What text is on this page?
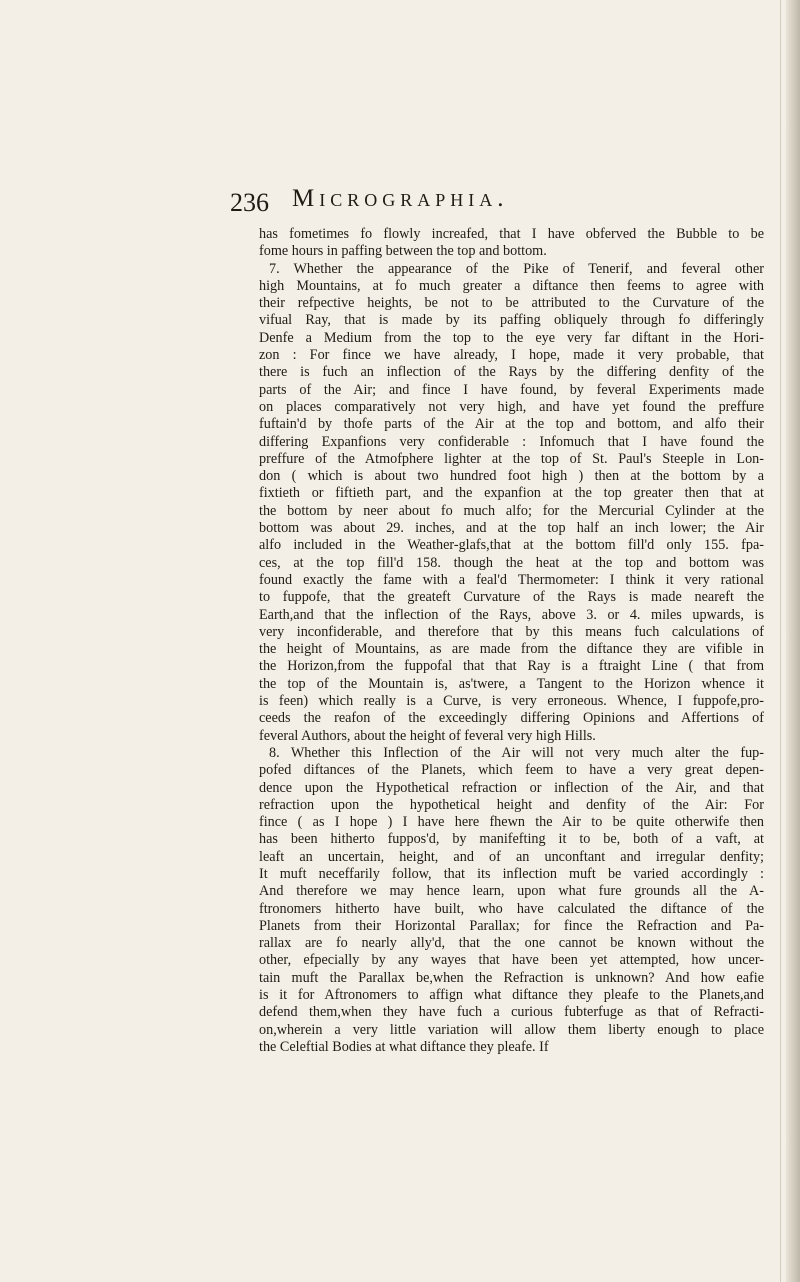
236 Micrographia.
has fometimes fo flowly increafed, that I have obferved the Bubble to be
fome hours in paffing between the top and bottom.
7. Whether the appearance of the Pike of Tenerif, and feveral other
high Mountains, at fo much greater a diftance then feems to agree with
their refpective heights, be not to be attributed to the Curvature of the
vifual Ray, that is made by its paffing obliquely through fo differingly
Denfe a Medium from the top to the eye very far diftant in the Hori-
zon : For fince we have already, I hope, made it very probable, that
there is fuch an inflection of the Rays by the differing denfity of the
parts of the Air; and fince I have found, by feveral Experiments made
on places comparatively not very high, and have yet found the preffure
fuftain'd by thofe parts of the Air at the top and bottom, and alfo their
differing Expanfions very confiderable : Infomuch that I have found the
preffure of the Atmofphere lighter at the top of St. Paul's Steeple in Lon-
don ( which is about two hundred foot high ) then at the bottom by a
fixtieth or fiftieth part, and the expanfion at the top greater then that at
the bottom by neer about fo much alfo; for the Mercurial Cylinder at the
bottom was about 29. inches, and at the top half an inch lower; the Air
alfo included in the Weather-glafs,that at the bottom fill'd only 155. fpa-
ces, at the top fill'd 158. though the heat at the top and bottom was
found exactly the fame with a feal'd Thermometer: I think it very rational
to fuppofe, that the greateft Curvature of the Rays is made neareft the
Earth,and that the inflection of the Rays, above 3. or 4. miles upwards, is
very inconfiderable, and therefore that by this means fuch calculations of
the height of Mountains, as are made from the diftance they are vifible in
the Horizon,from the fuppofal that that Ray is a ftraight Line ( that from
the top of the Mountain is, as'twere, a Tangent to the Horizon whence it
is feen) which really is a Curve, is very erroneous. Whence, I fuppofe,pro-
ceeds the reafon of the exceedingly differing Opinions and Affertions of
feveral Authors, about the height of feveral very high Hills.
8. Whether this Inflection of the Air will not very much alter the fup-
pofed diftances of the Planets, which feem to have a very great depen-
dence upon the Hypothetical refraction or inflection of the Air, and that
refraction upon the hypothetical height and denfity of the Air: For
fince ( as I hope ) I have here fhewn the Air to be quite otherwife then
has been hitherto fuppos'd, by manifefting it to be, both of a vaft, at
leaft an uncertain, height, and of an unconftant and irregular denfity;
It muft neceffarily follow, that its inflection muft be varied accordingly :
And therefore we may hence learn, upon what fure grounds all the A-
ftronomers hitherto have built, who have calculated the diftance of the
Planets from their Horizontal Parallax; for fince the Refraction and Pa-
rallax are fo nearly ally'd, that the one cannot be known without the
other, efpecially by any wayes that have been yet attempted, how uncer-
tain muft the Parallax be,when the Refraction is unknown? And how eafie
is it for Aftronomers to affign what diftance they pleafe to the Planets,and
defend them,when they have fuch a curious fubterfuge as that of Refracti-
on,wherein a very little variation will allow them liberty enough to place
the Celeftial Bodies at what diftance they pleafe. If
